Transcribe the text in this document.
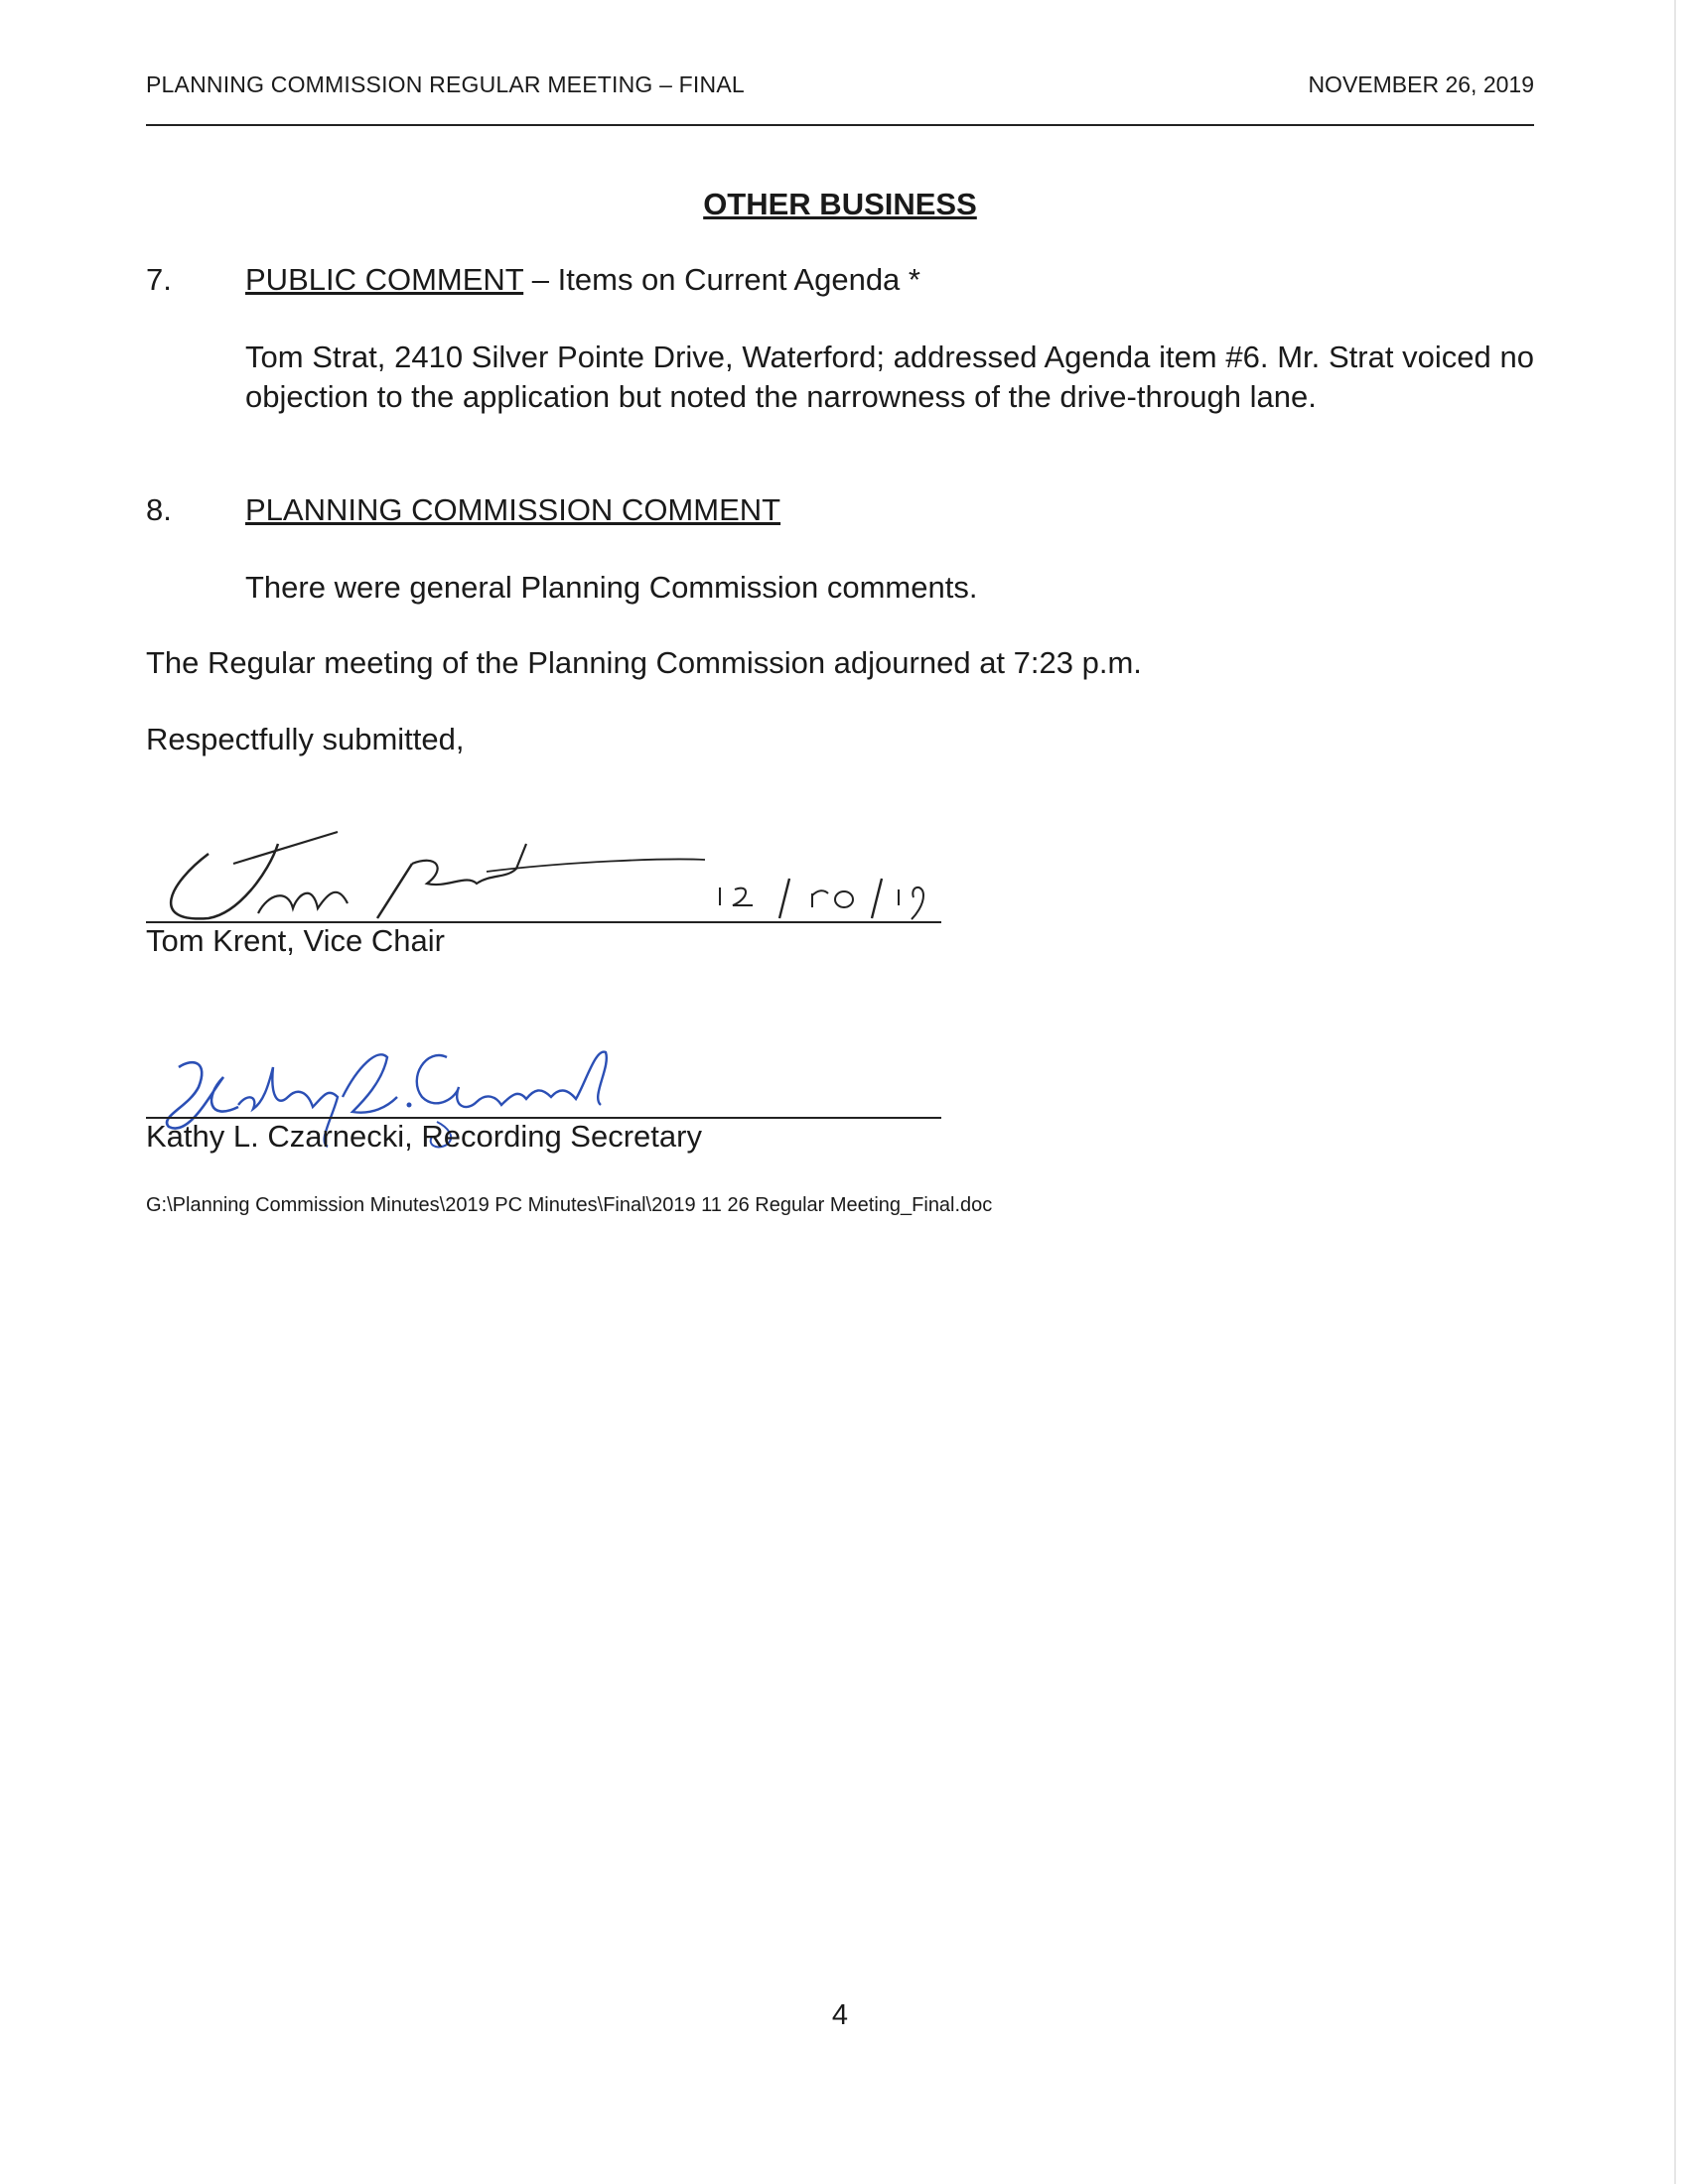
PLANNING COMMISSION REGULAR MEETING – FINAL	NOVEMBER 26, 2019
OTHER BUSINESS
7. PUBLIC COMMENT – Items on Current Agenda *
Tom Strat, 2410 Silver Pointe Drive, Waterford; addressed Agenda item #6. Mr. Strat voiced no objection to the application but noted the narrowness of the drive-through lane.
8. PLANNING COMMISSION COMMENT
There were general Planning Commission comments.
The Regular meeting of the Planning Commission adjourned at 7:23 p.m.
Respectfully submitted,
Tom Krent, Vice Chair
Kathy L. Czarnecki, Recording Secretary
G:\Planning Commission Minutes\2019 PC Minutes\Final\2019 11 26 Regular Meeting_Final.doc
4
